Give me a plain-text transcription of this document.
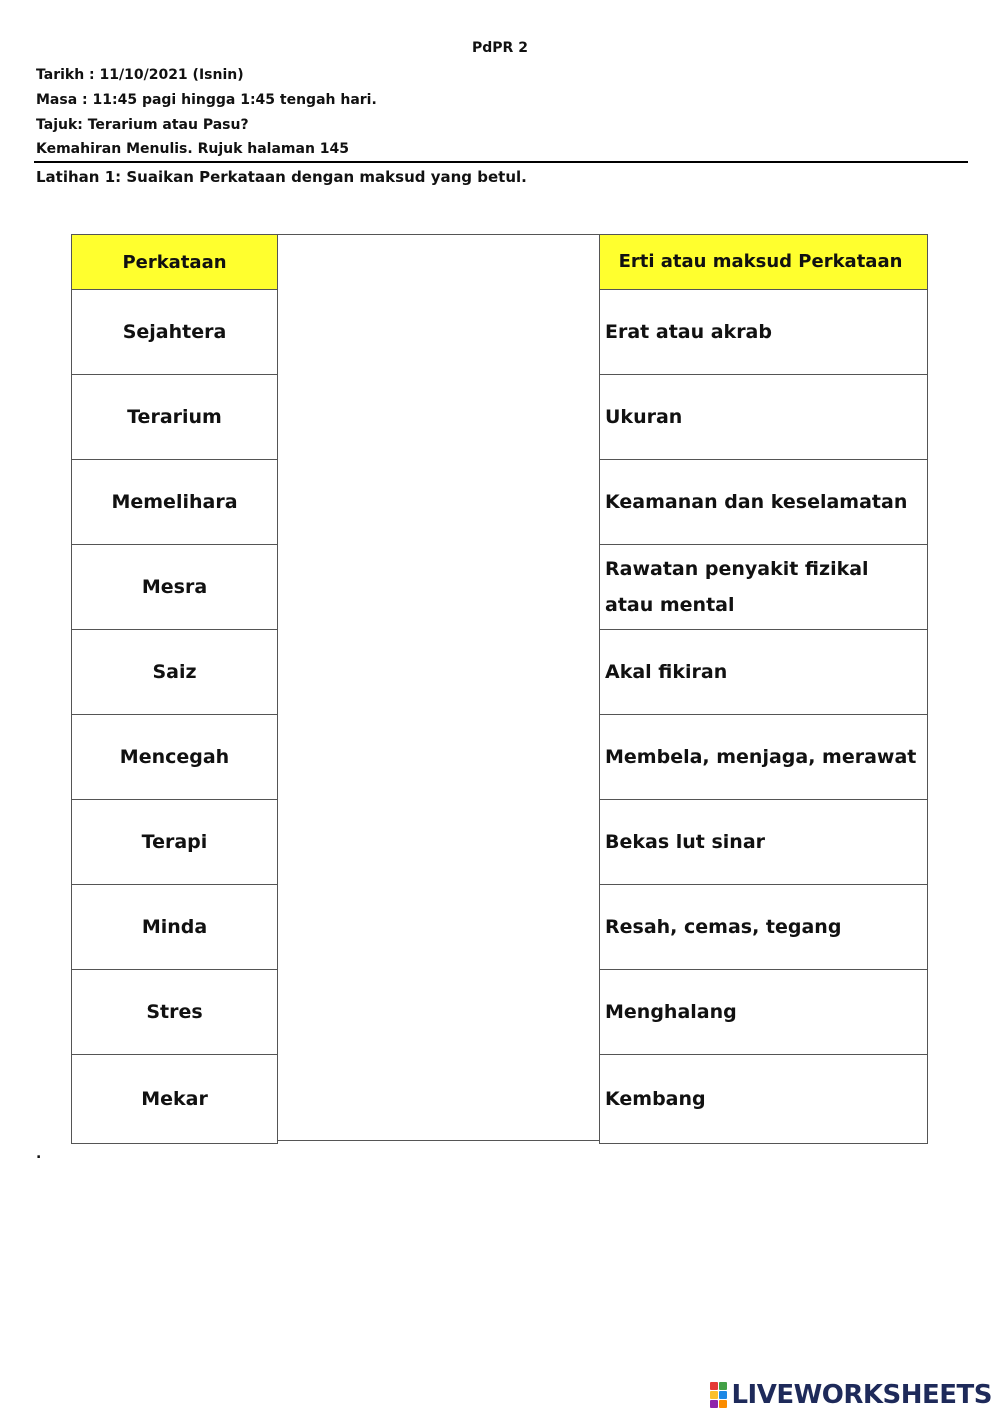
PdPR 2
Tarikh : 11/10/2021 (Isnin)
Masa : 11:45 pagi hingga 1:45 tengah hari.
Tajuk: Terarium atau Pasu?
Kemahiran Menulis. Rujuk halaman 145
Latihan 1: Suaikan Perkataan dengan maksud yang betul.
Perkataan
Sejahtera
Terarium
Memelihara
Mesra
Saiz
Mencegah
Terapi
Minda
Stres
Mekar
Erti atau maksud Perkataan
Erat atau akrab
Ukuran
Keamanan dan keselamatan
Rawatan penyakit fizikal atau mental
Akal fikiran
Membela, menjaga, merawat
Bekas lut sinar
Resah, cemas, tegang
Menghalang
Kembang
.
LIVEWORKSHEETS
